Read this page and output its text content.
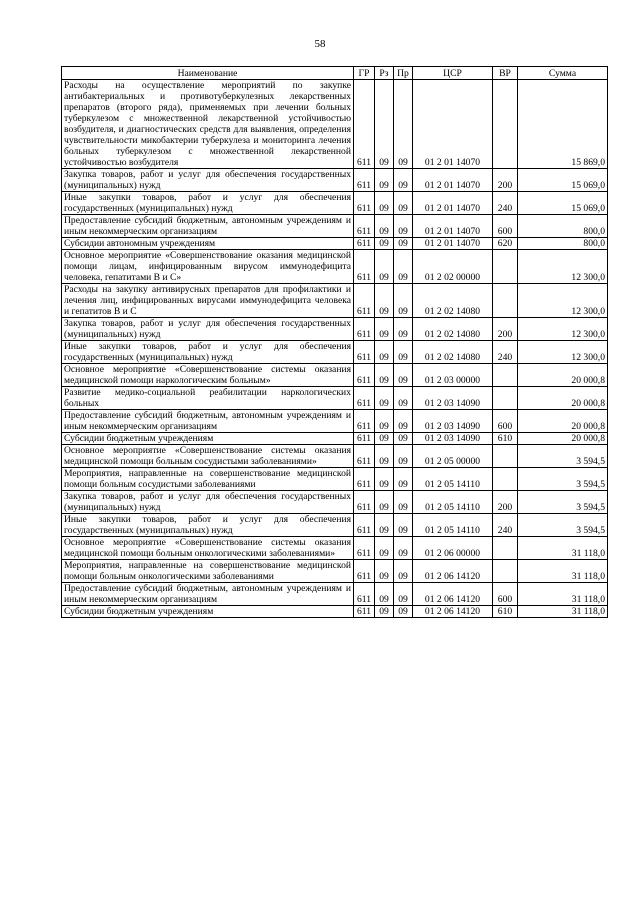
58
Наименование	ГР	Рз	Пр	ЦСР	ВР	Сумма
Расходы на осуществление мероприятий по закупке антибактериальных и противотуберкулезных лекарственных препаратов (второго ряда), применяемых при лечении больных туберкулезом с множественной лекарственной устойчивостью возбудителя, и диагностических средств для выявления, определения чувствительности микобактерии туберкулеза и мониторинга лечения больных туберкулезом с множественной лекарственной устойчивостью возбудителя	611	09	09	01 2 01 14070		15 869,0
Закупка товаров, работ и услуг для обеспечения государственных (муниципальных) нужд	611	09	09	01 2 01 14070	200	15 069,0
Иные закупки товаров, работ и услуг для обеспечения государственных (муниципальных) нужд	611	09	09	01 2 01 14070	240	15 069,0
Предоставление субсидий бюджетным, автономным учреждениям и иным некоммерческим организациям	611	09	09	01 2 01 14070	600	800,0
Субсидии автономным учреждениям	611	09	09	01 2 01 14070	620	800,0
Основное мероприятие «Совершенствование оказания медицинской помощи лицам, инфицированным вирусом иммунодефицита человека, гепатитами B и C»	611	09	09	01 2 02 00000		12 300,0
Расходы на закупку антивирусных препаратов для профилактики и лечения лиц, инфицированных вирусами иммунодефицита человека и гепатитов B и C	611	09	09	01 2 02 14080		12 300,0
Закупка товаров, работ и услуг для обеспечения государственных (муниципальных) нужд	611	09	09	01 2 02 14080	200	12 300,0
Иные закупки товаров, работ и услуг для обеспечения государственных (муниципальных) нужд	611	09	09	01 2 02 14080	240	12 300,0
Основное мероприятие «Совершенствование системы оказания медицинской помощи наркологическим больным»	611	09	09	01 2 03 00000		20 000,8
Развитие медико-социальной реабилитации наркологических больных	611	09	09	01 2 03 14090		20 000,8
Предоставление субсидий бюджетным, автономным учреждениям и иным некоммерческим организациям	611	09	09	01 2 03 14090	600	20 000,8
Субсидии бюджетным учреждениям	611	09	09	01 2 03 14090	610	20 000,8
Основное мероприятие «Совершенствование системы оказания медицинской помощи больным сосудистыми заболеваниями»	611	09	09	01 2 05 00000		3 594,5
Мероприятия, направленные на совершенствование медицинской помощи больным сосудистыми заболеваниями	611	09	09	01 2 05 14110		3 594,5
Закупка товаров, работ и услуг для обеспечения государственных (муниципальных) нужд	611	09	09	01 2 05 14110	200	3 594,5
Иные закупки товаров, работ и услуг для обеспечения государственных (муниципальных) нужд	611	09	09	01 2 05 14110	240	3 594,5
Основное мероприятие «Совершенствование системы оказания медицинской помощи больным онкологическими заболеваниями»	611	09	09	01 2 06 00000		31 118,0
Мероприятия, направленные на совершенствование медицинской помощи больным онкологическими заболеваниями	611	09	09	01 2 06 14120		31 118,0
Предоставление субсидий бюджетным, автономным учреждениям и иным некоммерческим организациям	611	09	09	01 2 06 14120	600	31 118,0
Субсидии бюджетным учреждениям	611	09	09	01 2 06 14120	610	31 118,0
